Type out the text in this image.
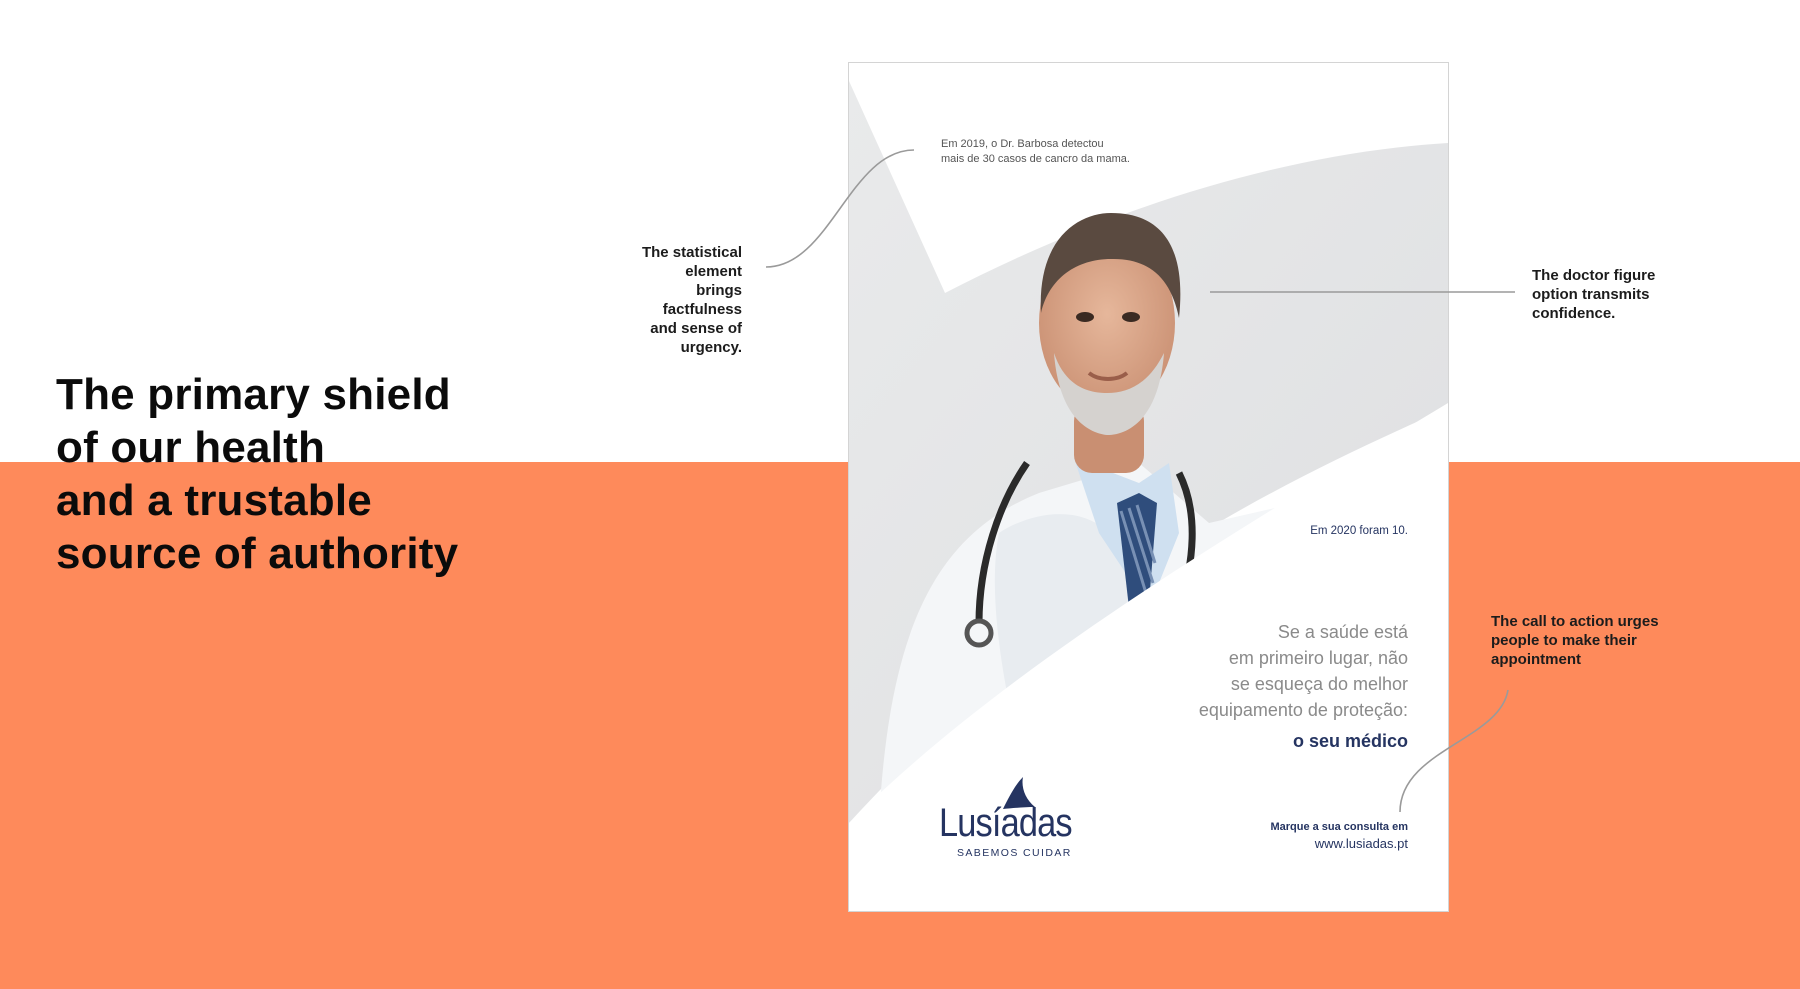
The primary shield
of our health
and a trustable
source of authority
The statistical
element
brings
factfulness
and sense of
urgency.
The doctor figure
option transmits
confidence.
The call to action urges
people to make their
appointment
Em 2019, o Dr. Barbosa detectou
mais de 30 casos de cancro da mama.
Em 2020 foram 10.
Se a saúde está
em primeiro lugar, não
se esqueça do melhor
equipamento de proteção:
o seu médico
Marque a sua consulta em
www.lusiadas.pt
Lusíadas
SABEMOS CUIDAR
